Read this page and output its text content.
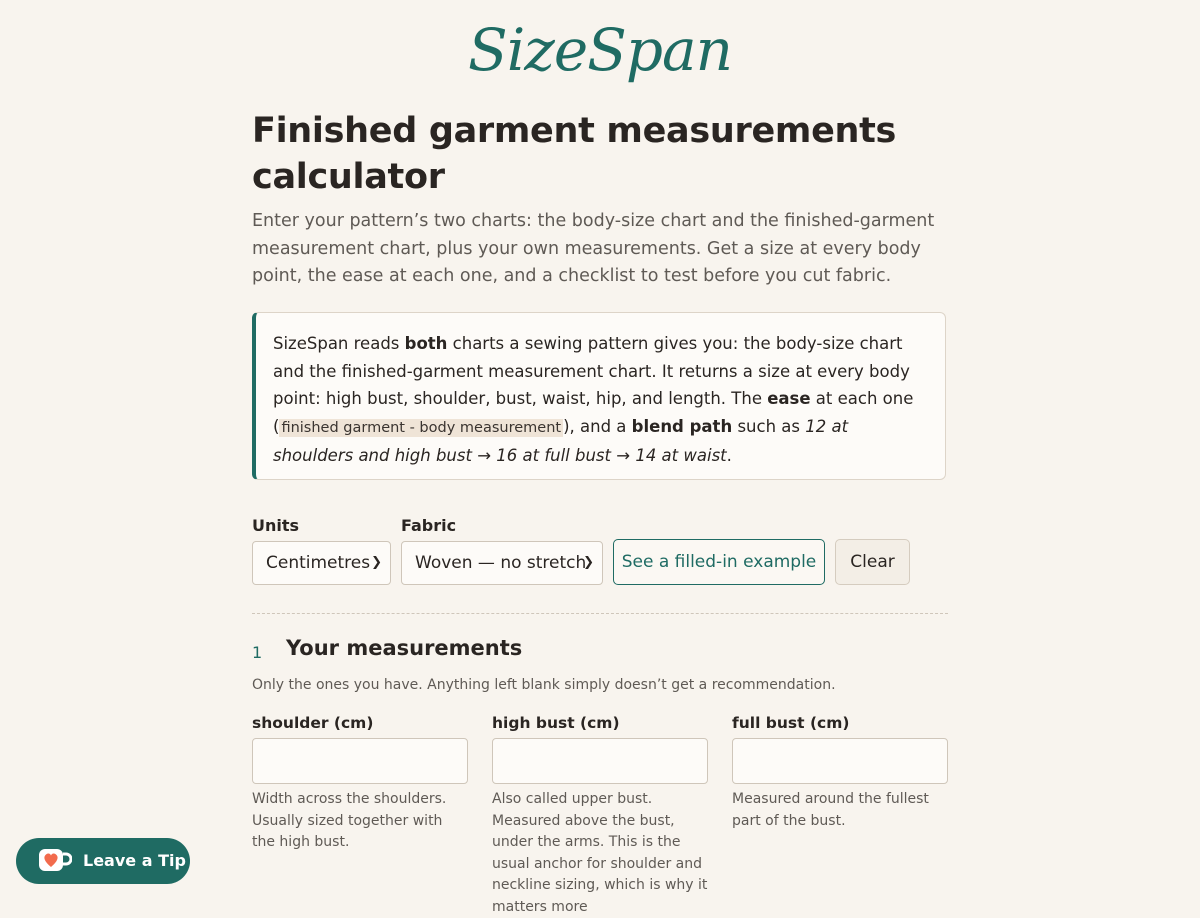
SizeSpan
Finished garment measurements calculator

Enter your pattern’s two charts: the body-size chart and the finished-garment measurement chart, plus your own measurements. Get a size at every body point, the ease at each one, and a checklist to test before you cut fabric.

SizeSpan reads both charts a sewing pattern gives you: the body-size chart and the finished-garment measurement chart. It returns a size at every body point: high bust, shoulder, bust, waist, hip, and length. The ease at each one ( finished garment - body measurement ), and a blend path such as 12 at shoulders and high bust → 16 at full bust → 14 at waist.
Units
Centimetres ❯
Fabric
Woven — no stretch
❯	See a filled-in example	Clear
1 Your measurements
Only the ones you have. Anything left blank simply doesn’t get a recommendation.
shoulder (cm)
Width across the shoulders. Usually sized together with the high bust.
high bust (cm)
Also called upper bust. Measured above the bust, under the arms. This is the usual anchor for shoulder and neckline sizing, which is why it matters more
full bust (cm)
Measured around the fullest part of the bust.
Leave a Tip
